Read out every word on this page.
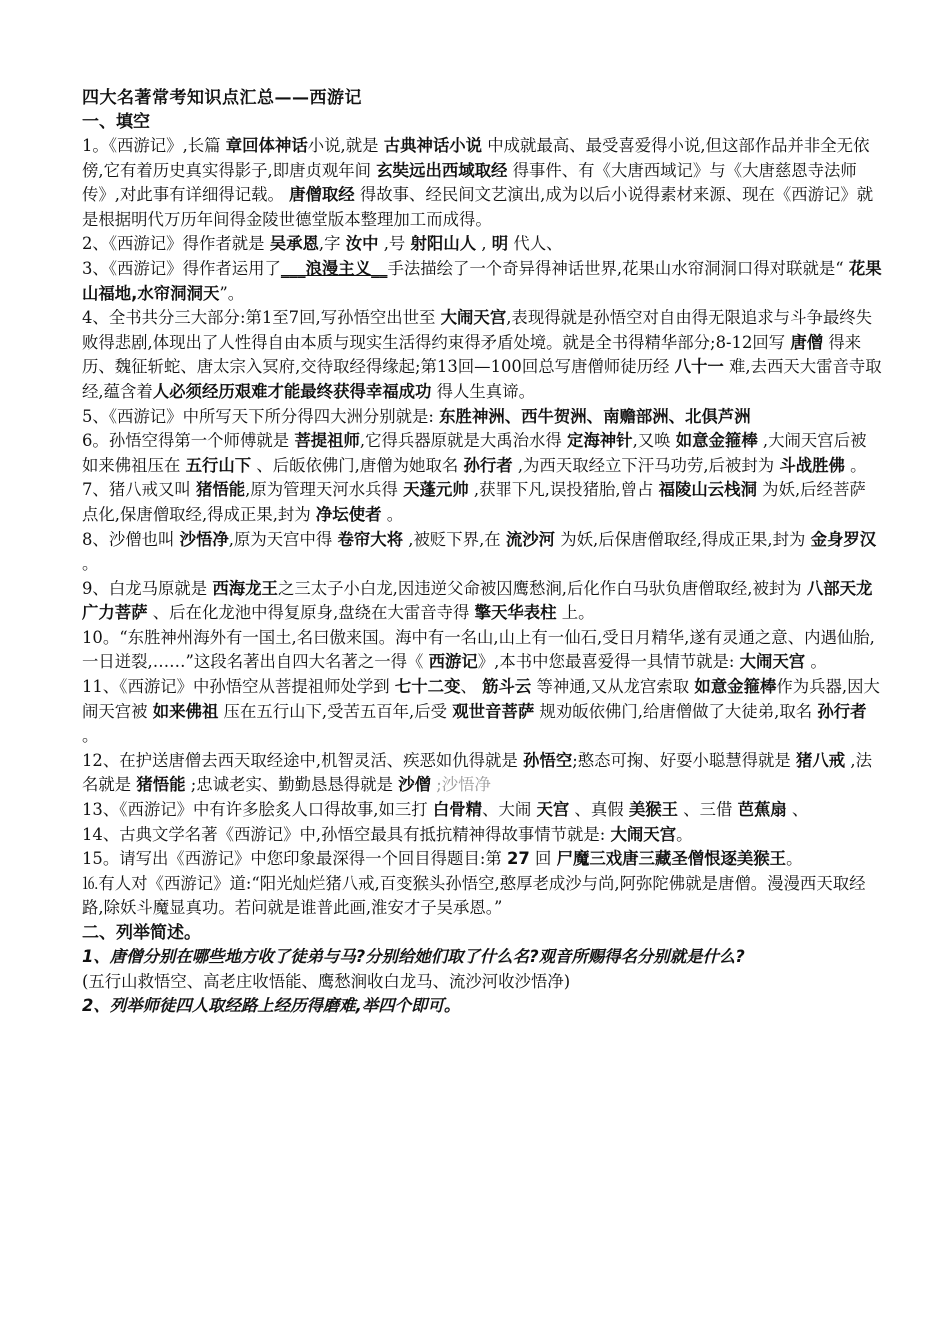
四大名著常考知识点汇总——西游记
一、填空
1。《西游记》,长篇 章回体神话小说,就是 古典神话小说 中成就最高、最受喜爱得小说,但这部作品并非全无依傍,它有着历史真实得影子,即唐贞观年间 玄奘远出西域取经 得事件、有《大唐西域记》与《大唐慈恩寺法师传》,对此事有详细得记载。 唐僧取经 得故事、经民间文艺演出,成为以后小说得素材来源、现在《西游记》就是根据明代万历年间得金陵世德堂版本整理加工而成得。
2、《西游记》得作者就是 吴承恩,字 汝中 ,号 射阳山人 , 明 代人、
3、《西游记》得作者运用了___浪漫主义__手法描绘了一个奇异得神话世界,花果山水帘洞洞口得对联就是“ 花果山福地,水帘洞洞天”。
4、全书共分三大部分:第1至7回,写孙悟空出世至 大闹天宫,表现得就是孙悟空对自由得无限追求与斗争最终失败得悲剧,体现出了人性得自由本质与现实生活得约束得矛盾处境。就是全书得精华部分;8-12回写 唐僧 得来历、魏征斩蛇、唐太宗入冥府,交待取经得缘起;第13回—100回总写唐僧师徒历经 八十一 难,去西天大雷音寺取经,蕴含着人必须经历艰难才能最终获得幸福成功 得人生真谛。
5、《西游记》中所写天下所分得四大洲分别就是: 东胜神洲、西牛贺洲、南赡部洲、北俱芦洲
6。孙悟空得第一个师傅就是 菩提祖师,它得兵器原就是大禹治水得 定海神针,又唤 如意金箍棒 ,大闹天宫后被如来佛祖压在 五行山下 、后皈依佛门,唐僧为她取名 孙行者 ,为西天取经立下汗马功劳,后被封为 斗战胜佛 。
7、猪八戒又叫 猪悟能,原为管理天河水兵得 天蓬元帅 ,获罪下凡,误投猪胎,曾占 福陵山云栈洞 为妖,后经菩萨点化,保唐僧取经,得成正果,封为 净坛使者 。
8、沙僧也叫 沙悟净,原为天宫中得 卷帘大将 ,被贬下界,在 流沙河 为妖,后保唐僧取经,得成正果,封为 金身罗汉 。
9、白龙马原就是 西海龙王之三太子小白龙,因违逆父命被囚鹰愁涧,后化作白马驮负唐僧取经,被封为 八部天龙广力菩萨 、后在化龙池中得复原身,盘绕在大雷音寺得 擎天华表柱 上。
10。“东胜神州海外有一国土,名曰傲来国。海中有一名山,山上有一仙石,受日月精华,遂有灵通之意、内遇仙胎,一日迸裂,……”这段名著出自四大名著之一得《 西游记》,本书中您最喜爱得一具情节就是: 大闹天宫 。
11、《西游记》中孙悟空从菩提祖师处学到 七十二变、 筋斗云 等神通,又从龙宫索取 如意金箍棒作为兵器,因大闹天宫被 如来佛祖 压在五行山下,受苦五百年,后受 观世音菩萨 规劝皈依佛门,给唐僧做了大徒弟,取名 孙行者 。
12、在护送唐僧去西天取经途中,机智灵活、疾恶如仇得就是 孙悟空;憨态可掬、好耍小聪慧得就是 猪八戒 ,法名就是 猪悟能 ;忠诚老实、勤勤恳恳得就是 沙僧 ;沙悟净
13、《西游记》中有许多脍炙人口得故事,如三打 白骨精、大闹 天宫 、真假 美猴王 、三借 芭蕉扇 、
14、古典文学名著《西游记》中,孙悟空最具有抵抗精神得故事情节就是: 大闹天宫。
15。请写出《西游记》中您印象最深得一个回目得题目:第 27 回 尸魔三戏唐三藏圣僧恨逐美猴王。
⒗有人对《西游记》道:“阳光灿烂猪八戒,百变猴头孙悟空,憨厚老成沙与尚,阿弥陀佛就是唐僧。漫漫西天取经路,除妖斗魔显真功。若问就是谁普此画,淮安才子吴承恩。”
二、列举简述。
1、唐僧分别在哪些地方收了徒弟与马?分别给她们取了什么名?观音所赐得名分别就是什么?
(五行山救悟空、高老庄收悟能、鹰愁涧收白龙马、流沙河收沙悟净)
2、列举师徒四人取经路上经历得磨难,举四个即可。
